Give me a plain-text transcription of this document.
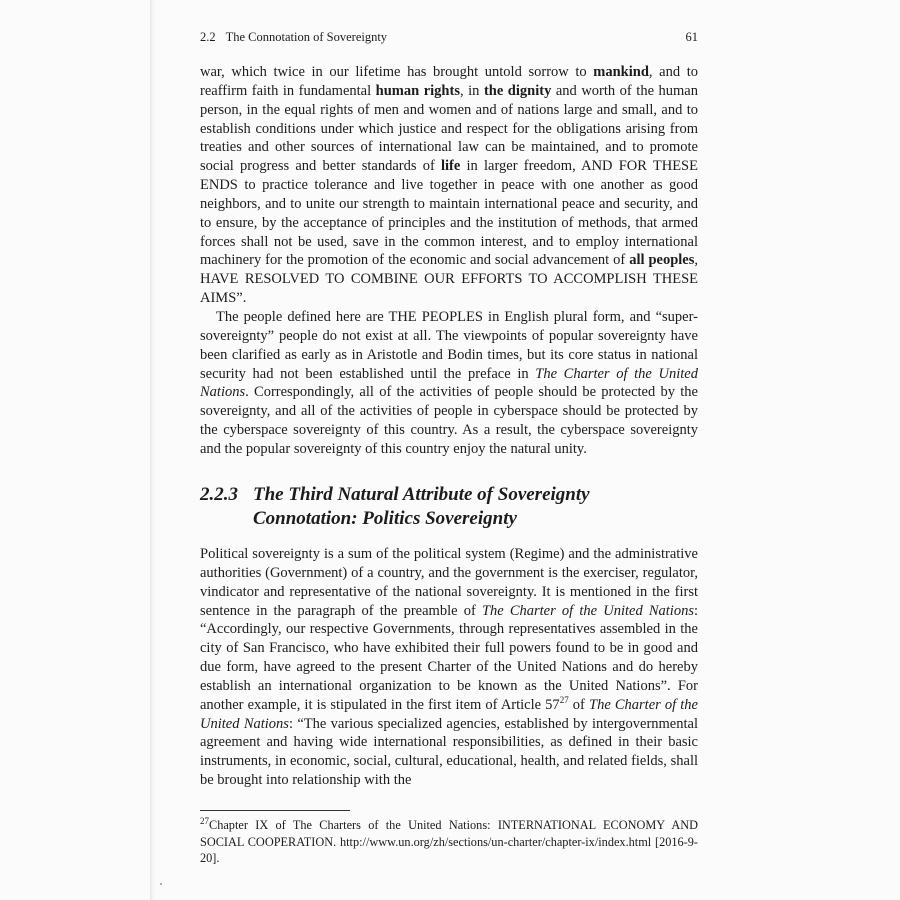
2.2 The Connotation of Sovereignty	61

war, which twice in our lifetime has brought untold sorrow to mankind, and to reaffirm faith in fundamental human rights, in the dignity and worth of the human person, in the equal rights of men and women and of nations large and small, and to establish conditions under which justice and respect for the obligations arising from treaties and other sources of international law can be maintained, and to promote social progress and better standards of life in larger freedom, AND FOR THESE ENDS to practice tolerance and live together in peace with one another as good neighbors, and to unite our strength to maintain international peace and security, and to ensure, by the acceptance of principles and the institution of methods, that armed forces shall not be used, save in the common interest, and to employ international machinery for the promotion of the economic and social advancement of all peoples, HAVE RESOLVED TO COMBINE OUR EFFORTS TO ACCOMPLISH THESE AIMS”.

The people defined here are THE PEOPLES in English plural form, and “super-sovereignty” people do not exist at all. The viewpoints of popular sovereignty have been clarified as early as in Aristotle and Bodin times, but its core status in national security had not been established until the preface in The Charter of the United Nations. Correspondingly, all of the activities of people should be protected by the sovereignty, and all of the activities of people in cyberspace should be protected by the cyberspace sovereignty of this country. As a result, the cyberspace sovereignty and the popular sovereignty of this country enjoy the natural unity.

2.2.3 The Third Natural Attribute of Sovereignty
Connotation: Politics Sovereignty

Political sovereignty is a sum of the political system (Regime) and the administrative authorities (Government) of a country, and the government is the exerciser, regulator, vindicator and representative of the national sovereignty. It is mentioned in the first sentence in the paragraph of the preamble of The Charter of the United Nations: “Accordingly, our respective Governments, through representatives assembled in the city of San Francisco, who have exhibited their full powers found to be in good and due form, have agreed to the present Charter of the United Nations and do hereby establish an international organization to be known as the United Nations”. For another example, it is stipulated in the first item of Article $57^{27}$ of The Charter of the United Nations: “The various specialized agencies, established by intergovernmental agreement and having wide international responsibilities, as defined in their basic instruments, in economic, social, cultural, educational, health, and related fields, shall be brought into relationship with the

$^{27}$Chapter IX of The Charters of the United Nations: INTERNATIONAL ECONOMY AND SOCIAL COOPERATION. http://www.un.org/zh/sections/un-charter/chapter-ix/index.html [2016-9-20].
